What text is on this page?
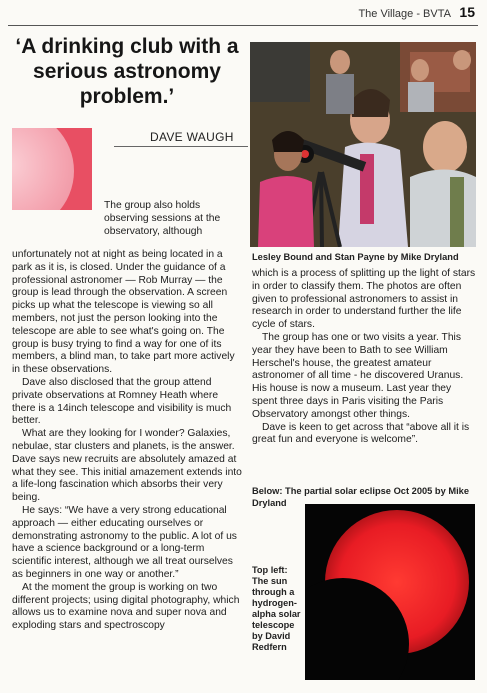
The Village - BVTA 15
‘A drinking club with a serious astronomy problem.’
DAVE WAUGH

The group also holds observing sessions at the observatory, although

unfortunately not at night as being located in a park as it is, is closed. Under the guidance of a professional astronomer — Rob Murray — the group is lead through the observation. A screen picks up what the telescope is viewing so all members, not just the person looking into the telescope are able to see what's going on. The group is busy trying to find a way for one of its members, a blind man, to take part more actively in these observations.

Dave also disclosed that the group attend private observations at Romney Heath where there is a 14inch telescope and visibility is much better.

What are they looking for I wonder? Galaxies, nebulae, star clusters and planets, is the answer. Dave says new recruits are absolutely amazed at what they see. This initial amazement extends into a life-long fascination which absorbs their very being.

He says: “We have a very strong educational approach — either educating ourselves or demonstrating astronomy to the public. A lot of us have a science background or a long-term scientific interest, although we all treat ourselves as beginners in one way or another.”

At the moment the group is working on two different projects; using digital photography, which allows us to examine nova and super nova and exploding stars and spectroscopy

Lesley Bound and Stan Payne by Mike Dryland

which is a process of splitting up the light of stars in order to classify them. The photos are often given to professional astronomers to assist in research in order to understand further the life cycle of stars.

The group has one or two visits a year. This year they have been to Bath to see William Herschel's house, the greatest amateur astronomer of all time - he discovered Uranus. His house is now a museum. Last year they spent three days in Paris visiting the Paris Observatory amongst other things.

Dave is keen to get across that “above all it is great fun and everyone is welcome”.

Below: The partial solar eclipse Oct 2005 by Mike Dryland
Top left: The sun through a hydrogen-alpha solar telescope by David Redfern
